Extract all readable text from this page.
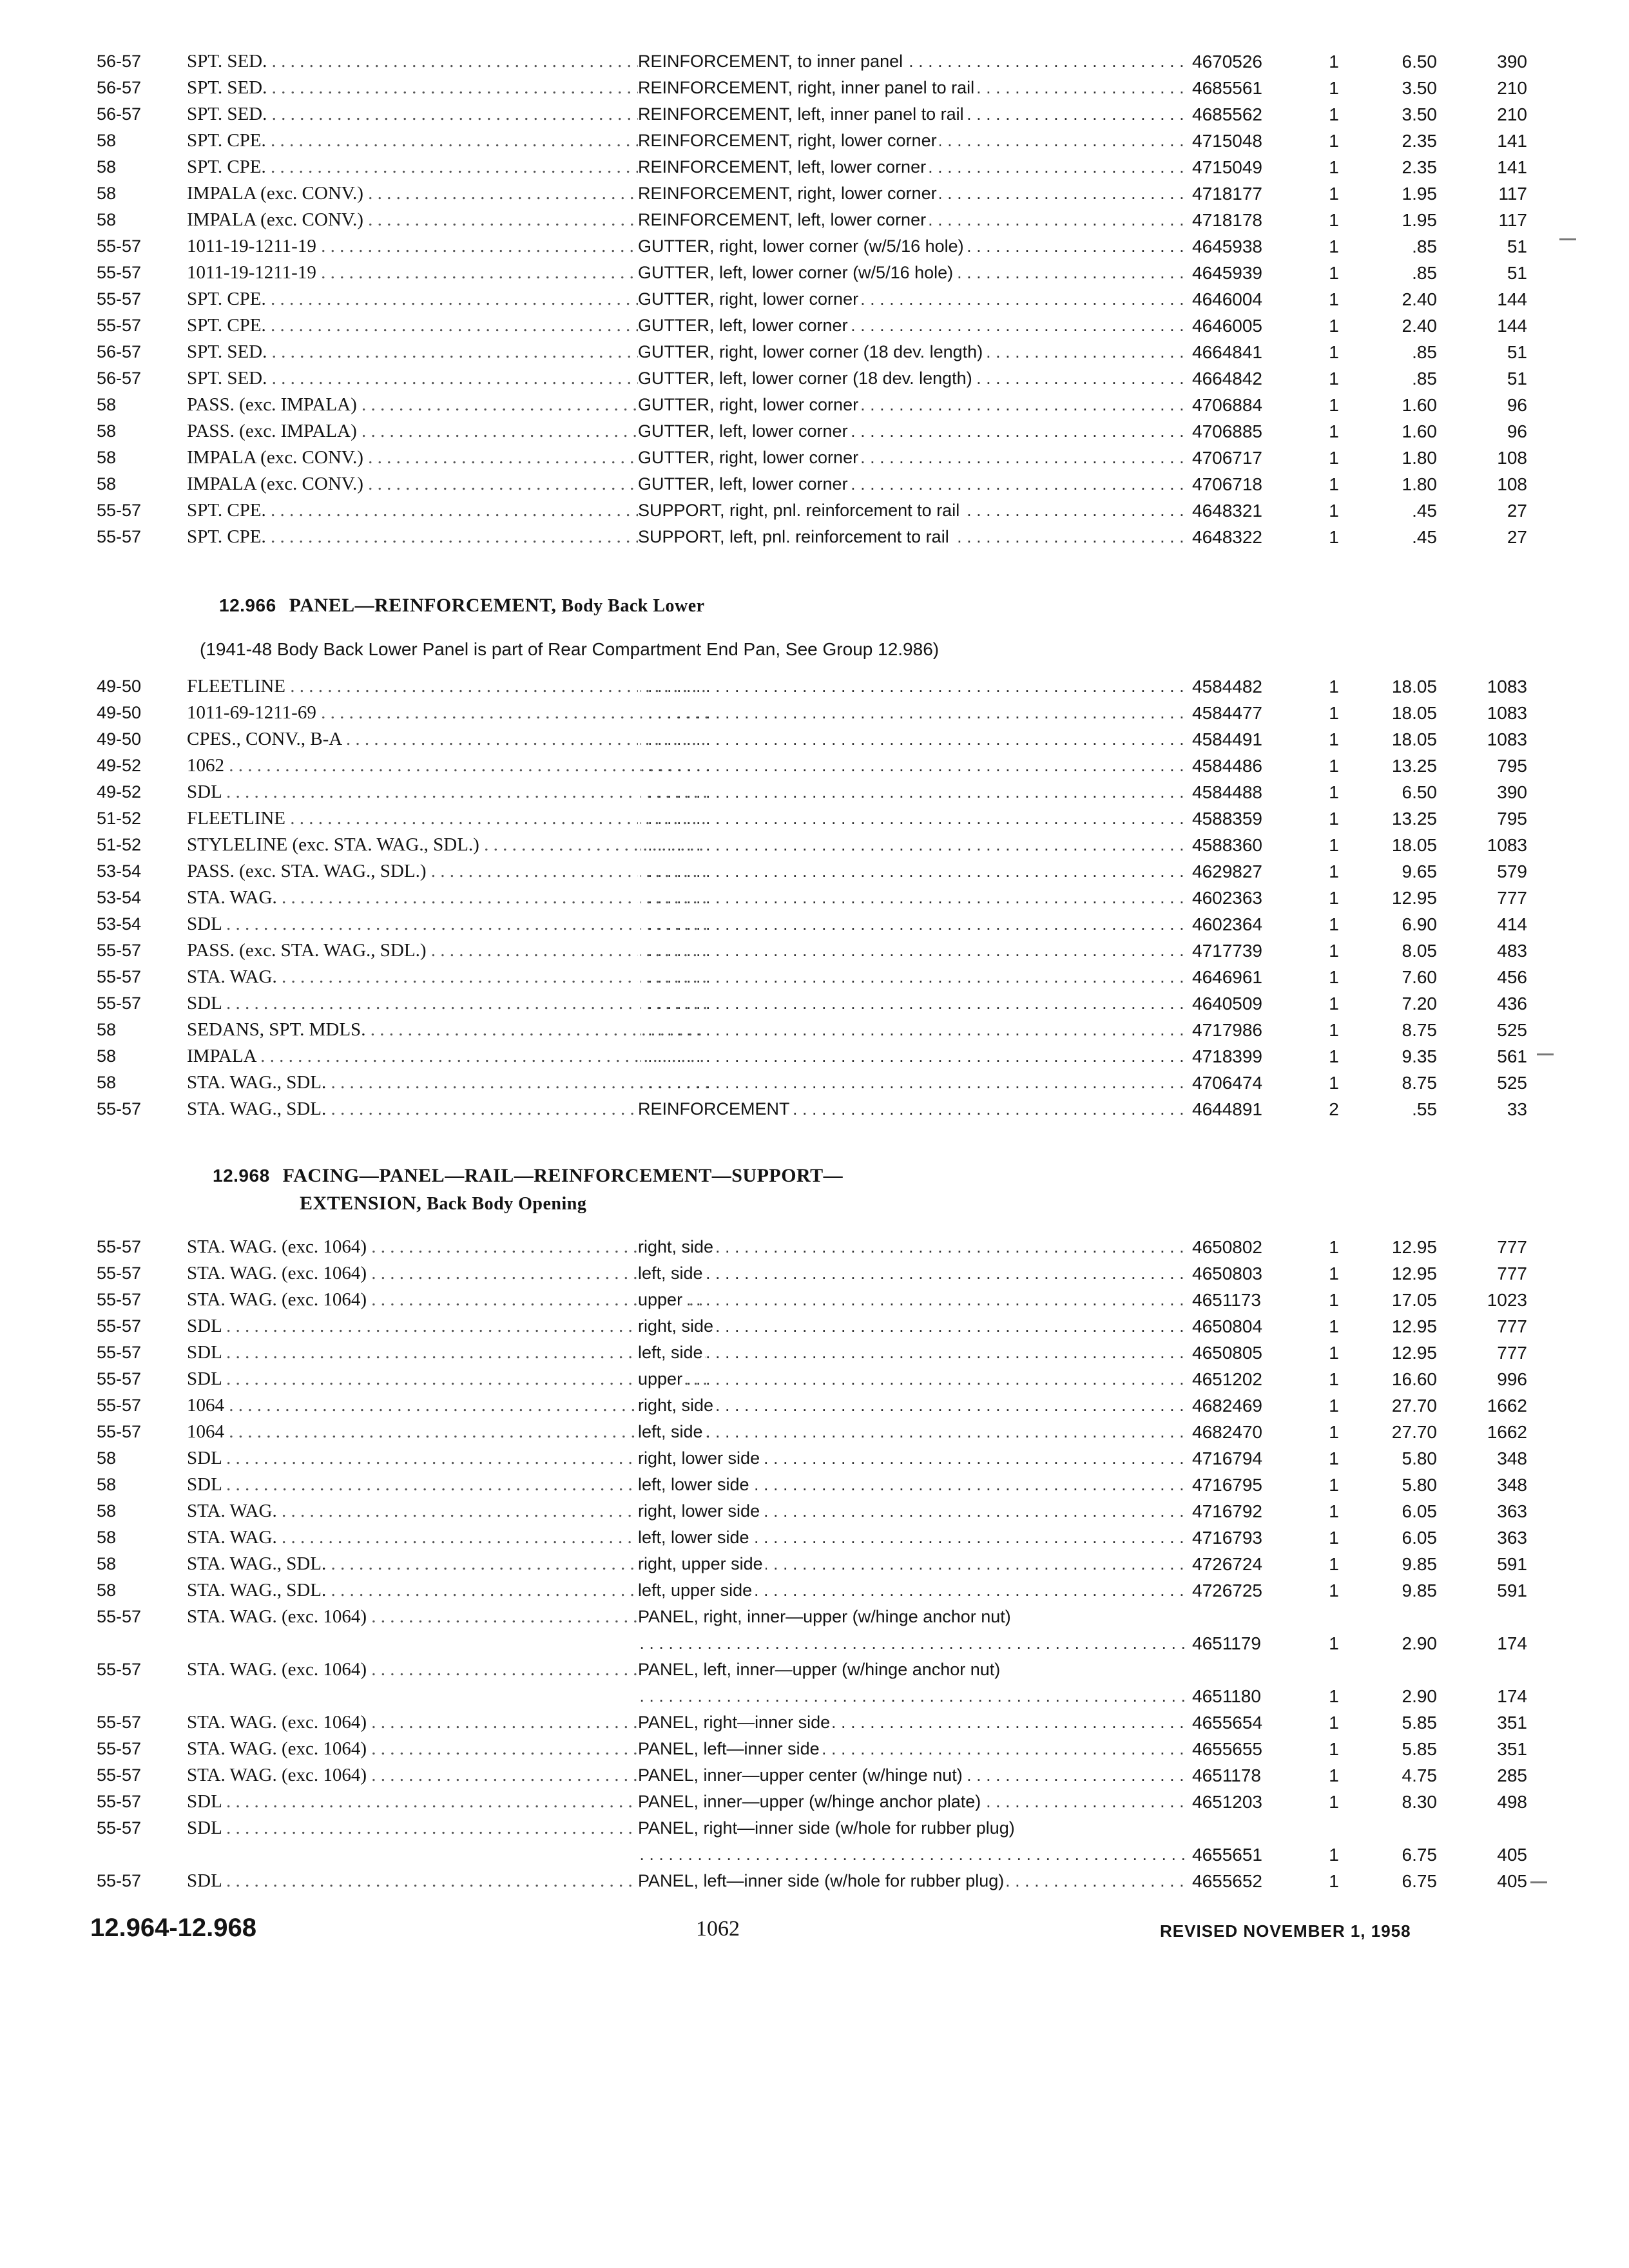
56-57	SPT. SED. . . .	REINFORCEMENT, to inner panel . . .	4670526	1	6.50	390
56-57	SPT. SED. . . .	REINFORCEMENT, right, inner panel to rail . . .	4685561	1	3.50	210
56-57	SPT. SED. . . .	REINFORCEMENT, left, inner panel to rail . . .	4685562	1	3.50	210
58	SPT. CPE. . . .	REINFORCEMENT, right, lower corner . . .	4715048	1	2.35	141
58	SPT. CPE. . . .	REINFORCEMENT, left, lower corner . . .	4715049	1	2.35	141
58	IMPALA (exc. CONV.) . . .	REINFORCEMENT, right, lower corner . . .	4718177	1	1.95	117
58	IMPALA (exc. CONV.) . . .	REINFORCEMENT, left, lower corner . . .	4718178	1	1.95	117
55-57	1011-19-1211-19 . . .	GUTTER, right, lower corner (w/5/16 hole) . . .	4645938	1	.85	51
55-57	1011-19-1211-19 . . .	GUTTER, left, lower corner (w/5/16 hole) . . .	4645939	1	.85	51
55-57	SPT. CPE. . . .	GUTTER, right, lower corner . . .	4646004	1	2.40	144
55-57	SPT. CPE. . . .	GUTTER, left, lower corner . . .	4646005	1	2.40	144
56-57	SPT. SED. . . .	GUTTER, right, lower corner (18 dev. length) . . .	4664841	1	.85	51
56-57	SPT. SED. . . .	GUTTER, left, lower corner (18 dev. length) . . .	4664842	1	.85	51
58	PASS. (exc. IMPALA) . . .	GUTTER, right, lower corner . . .	4706884	1	1.60	96
58	PASS. (exc. IMPALA) . . .	GUTTER, left, lower corner . . .	4706885	1	1.60	96
58	IMPALA (exc. CONV.) . . .	GUTTER, right, lower corner . . .	4706717	1	1.80	108
58	IMPALA (exc. CONV.) . . .	GUTTER, left, lower corner . . .	4706718	1	1.80	108
55-57	SPT. CPE. . . .	SUPPORT, right, pnl. reinforcement to rail . . .	4648321	1	.45	27
55-57	SPT. CPE. . . .	SUPPORT, left, pnl. reinforcement to rail . . .	4648322	1	.45	27
12.966 PANEL—REINFORCEMENT, Body Back Lower
(1941-48 Body Back Lower Panel is part of Rear Compartment End Pan, See Group 12.986)
49-50	FLEETLINE . . . . . .	4584482	1	18.05	1083
49-50	1011-69-1211-69 . . . . . .	4584477	1	18.05	1083
49-50	CPES., CONV., B-A . . . . . .	4584491	1	18.05	1083
49-52	1062 . . . . . .	4584486	1	13.25	795
49-52	SDL . . . . . .	4584488	1	6.50	390
51-52	FLEETLINE . . . . . .	4588359	1	13.25	795
51-52	STYLELINE (exc. STA. WAG., SDL.) . . . . . .	4588360	1	18.05	1083
53-54	PASS. (exc. STA. WAG., SDL.) . . . . . .	4629827	1	9.65	579
53-54	STA. WAG. . . . . . .	4602363	1	12.95	777
53-54	SDL . . . . . .	4602364	1	6.90	414
55-57	PASS. (exc. STA. WAG., SDL.) . . . . . .	4717739	1	8.05	483
55-57	STA. WAG. . . . . . .	4646961	1	7.60	456
55-57	SDL . . . . . .	4640509	1	7.20	436
58	SEDANS, SPT. MDLS. . . . . . .	4717986	1	8.75	525
58	IMPALA . . . . . .	4718399	1	9.35	561
58	STA. WAG., SDL. . . . . . .	4706474	1	8.75	525
55-57	STA. WAG., SDL. . . .	REINFORCEMENT . . .	4644891	2	.55	33
12.968 FACING—PANEL—RAIL—REINFORCEMENT—SUPPORT—
EXTENSION, Back Body Opening
55-57	STA. WAG. (exc. 1064) . . .	right, side . . .	4650802	1	12.95	777
55-57	STA. WAG. (exc. 1064) . . .	left, side . . .	4650803	1	12.95	777
55-57	STA. WAG. (exc. 1064) . . .	upper . . .	4651173	1	17.05	1023
55-57	SDL . . .	right, side . . .	4650804	1	12.95	777
55-57	SDL . . .	left, side . . .	4650805	1	12.95	777
55-57	SDL . . .	upper . . .	4651202	1	16.60	996
55-57	1064 . . .	right, side . . .	4682469	1	27.70	1662
55-57	1064 . . .	left, side . . .	4682470	1	27.70	1662
58	SDL . . .	right, lower side . . .	4716794	1	5.80	348
58	SDL . . .	left, lower side . . .	4716795	1	5.80	348
58	STA. WAG. . . .	right, lower side . . .	4716792	1	6.05	363
58	STA. WAG. . . .	left, lower side . . .	4716793	1	6.05	363
58	STA. WAG., SDL. . . .	right, upper side . . .	4726724	1	9.85	591
58	STA. WAG., SDL. . . .	left, upper side . . .	4726725	1	9.85	591
55-57	STA. WAG. (exc. 1064) . . .	PANEL, right, inner—upper (w/hinge anchor nut) . . .
4651179	1	2.90	174
55-57	STA. WAG. (exc. 1064) . . .	PANEL, left, inner—upper (w/hinge anchor nut) . . .
4651180	1	2.90	174
55-57	STA. WAG. (exc. 1064) . . .	PANEL, right—inner side . . .	4655654	1	5.85	351
55-57	STA. WAG. (exc. 1064) . . .	PANEL, left—inner side . . .	4655655	1	5.85	351
55-57	STA. WAG. (exc. 1064) . . .	PANEL, inner—upper center (w/hinge nut) . . .	4651178	1	4.75	285
55-57	SDL . . .	PANEL, inner—upper (w/hinge anchor plate) . . .	4651203	1	8.30	498
55-57	SDL . . .	PANEL, right—inner side (w/hole for rubber plug) . . .
4655651	1	6.75	405
55-57	SDL . . .	PANEL, left—inner side (w/hole for rubber plug) . . .	4655652	1	6.75	405
12.964-12.968	1062	REVISED NOVEMBER 1, 1958
